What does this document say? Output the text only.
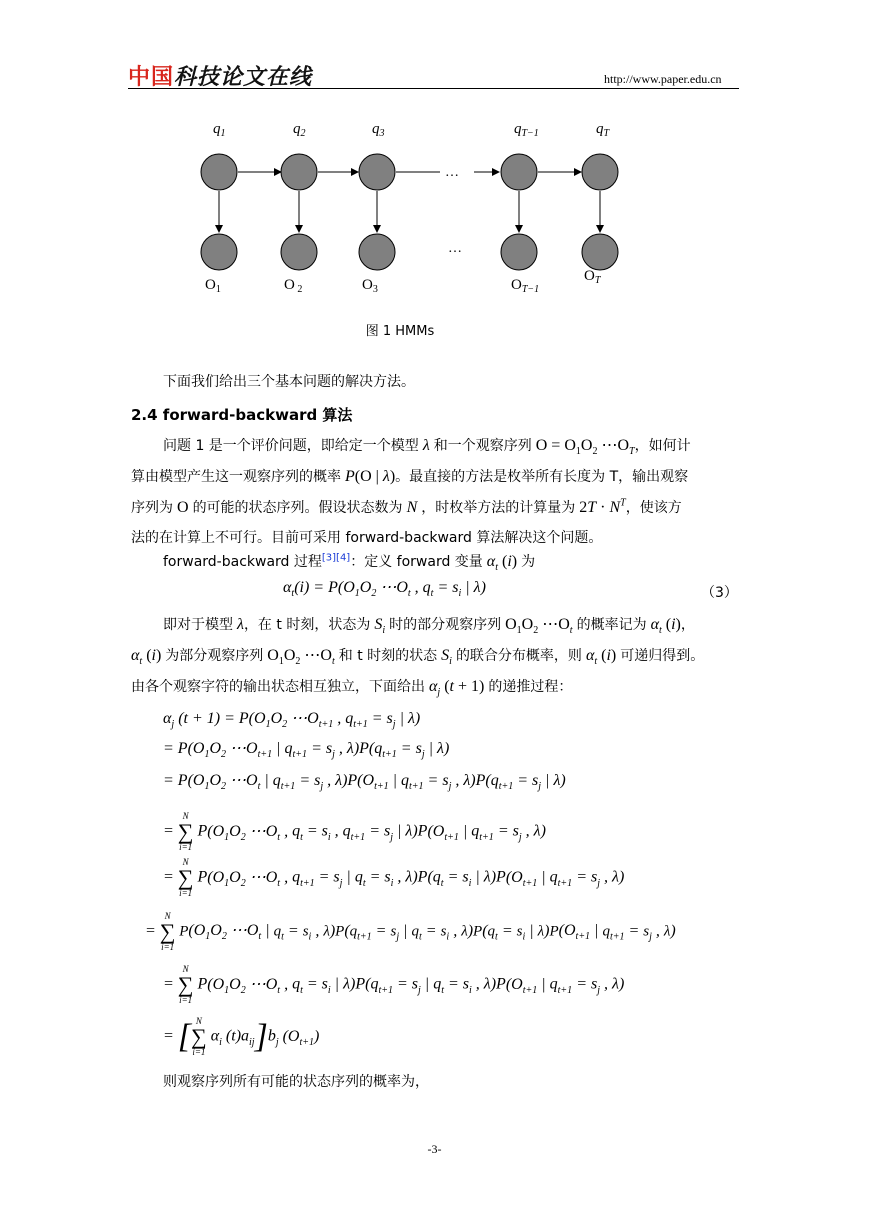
中国科技论文在线	http://www.paper.edu.cn
$q_1$	$q_2$	$q_3$	$q_{T-1}$	$q_T$
…
…
$O_1$	O $_2$	$O_3$	$O_{T-1}$
$O_T$
图 1 HMMs
下面我们给出三个基本问题的解决方法。
2.4 forward-backward 算法
问题 1 是一个评价问题，即给定一个模型 λ 和一个观察序列 $O = O_1O_2$ $\cdots O_T$，如何计
算由模型产生这一观察序列的概率 P(O | λ)。最直接的方法是枚举所有长度为 T，输出观察
序列为 O 的可能的状态序列。假设状态数为 N ，时枚举方法的计算量为 $2T \cdot N^T$，使该方
法的在计算上不可行。目前可采用 forward-backward 算法解决这个问题。
forward-backward 过程[3][4]：定义 forward 变量 $\alpha_t$ (i) 为
$\alpha_t(i) = P(O_1O_2$ $\cdots O_t$ , $q_t = s_i$ | λ)	（3）
即对于模型 λ，在 t 时刻，状态为 $S_i$ 时的部分观察序列 $O_1O_2$ $\cdots O_t$ 的概率记为 $\alpha_t$ (i)，
$\alpha_t$ (i) 为部分观察序列 $O_1O_2$ $\cdots O_t$ 和 t 时刻的状态 $S_i$ 的联合分布概率，则 $\alpha_t$ (i) 可递归得到。
由各个观察字符的输出状态相互独立，下面给出 $\alpha_j$ (t + 1) 的递推过程：
$\alpha_j$ $(t + 1) = P(O_1O_2$ $\cdots O_{t+1}$ , $q_{t+1} = s_j$ | λ)
= $P(O_1O_2$ $\cdots O_{t+1}$ | $q_{t+1} = s_j$ , $\lambda)P(q_{t+1} = s_j$ | λ)
= $P(O_1O_2$ $\cdots O_t$ | $q_{t+1} = s_j$ , $\lambda)P(O_{t+1}$ | $q_{t+1} = s_j$ , $\lambda)P(q_{t+1} = s_j$ | λ)
=
N
∑
i=1
$P(O_1O_2$ $\cdots O_t$ , $q_t = s_i$ , $q_{t+1} = s_j$ | $\lambda)P(O_{t+1}$ | $q_{t+1} = s_j$ , λ)
=
N
∑
i=1
$P(O_1O_2$ $\cdots O_t$ , $q_{t+1} = s_j$ | $q_t = s_i$ , $\lambda)P(q_t = s_i$ | $\lambda)P(O_{t+1}$ | $q_{t+1} = s_j$ , λ)
=
N
∑
i=1
$P(O_1O_2$ $\cdots O_t$ | $q_t = s_i$ , $\lambda)P(q_{t+1} = s_j$ | $q_t = s_i$ , $\lambda)P(q_t = s_i$ | $\lambda)P(O_{t+1}$ | $q_{t+1} = s_j$ , λ)
=
N
∑
i=1
$P(O_1O_2$ $\cdots O_t$ , $q_t = s_i$ | $\lambda)P(q_{t+1} = s_j$ | $q_t = s_i$ , $\lambda)P(O_{t+1}$ | $q_{t+1} = s_j$ , λ)
= [ N
∑
i=1
$\alpha_i$ $(t)a_{ij}]b_j$ $(O_{t+1})$
则观察序列所有可能的状态序列的概率为，
-3-
